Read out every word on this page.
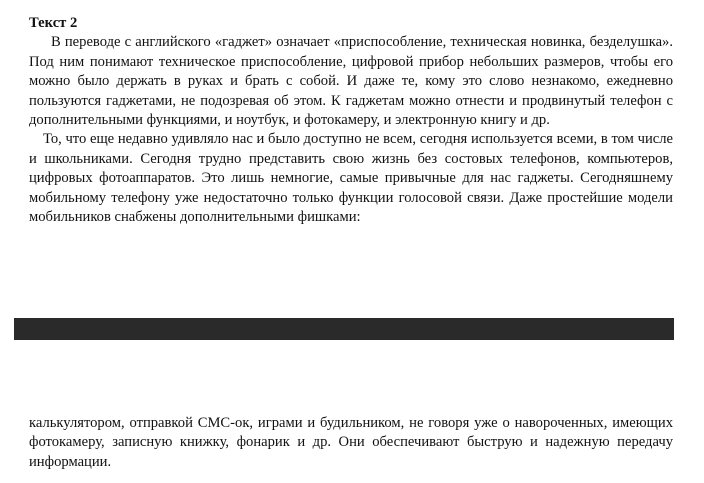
Текст 2

В переводе с английского «гаджет» означает «приспособление, техническая новинка, безделушка». Под ним понимают техническое приспособление, цифровой прибор небольших размеров, чтобы его можно было держать в руках и брать с собой. И даже те, кому это слово незнакомо, ежедневно пользуются гаджетами, не подозревая об этом. К гаджетам можно отнести и продвинутый телефон с дополнительными функциями, и ноутбук, и фотокамеру, и электронную книгу и др.

То, что еще недавно удивляло нас и было доступно не всем, сегодня используется всеми, в том числе и школьниками. Сегодня трудно представить свою жизнь без состовых телефонов, компьютеров, цифровых фотоаппаратов. Это лишь немногие, самые привычные для нас гаджеты. Сегодняшнему мобильному телефону уже недостаточно только функции голосовой связи. Даже простейшие модели мобильников снабжены дополнительными фишками:

калькулятором, отправкой СМС-ок, играми и будильником, не говоря уже о навороченных, имеющих фотокамеру, записную книжку, фонарик и др. Они обеспечивают быструю и надежную передачу информации.
